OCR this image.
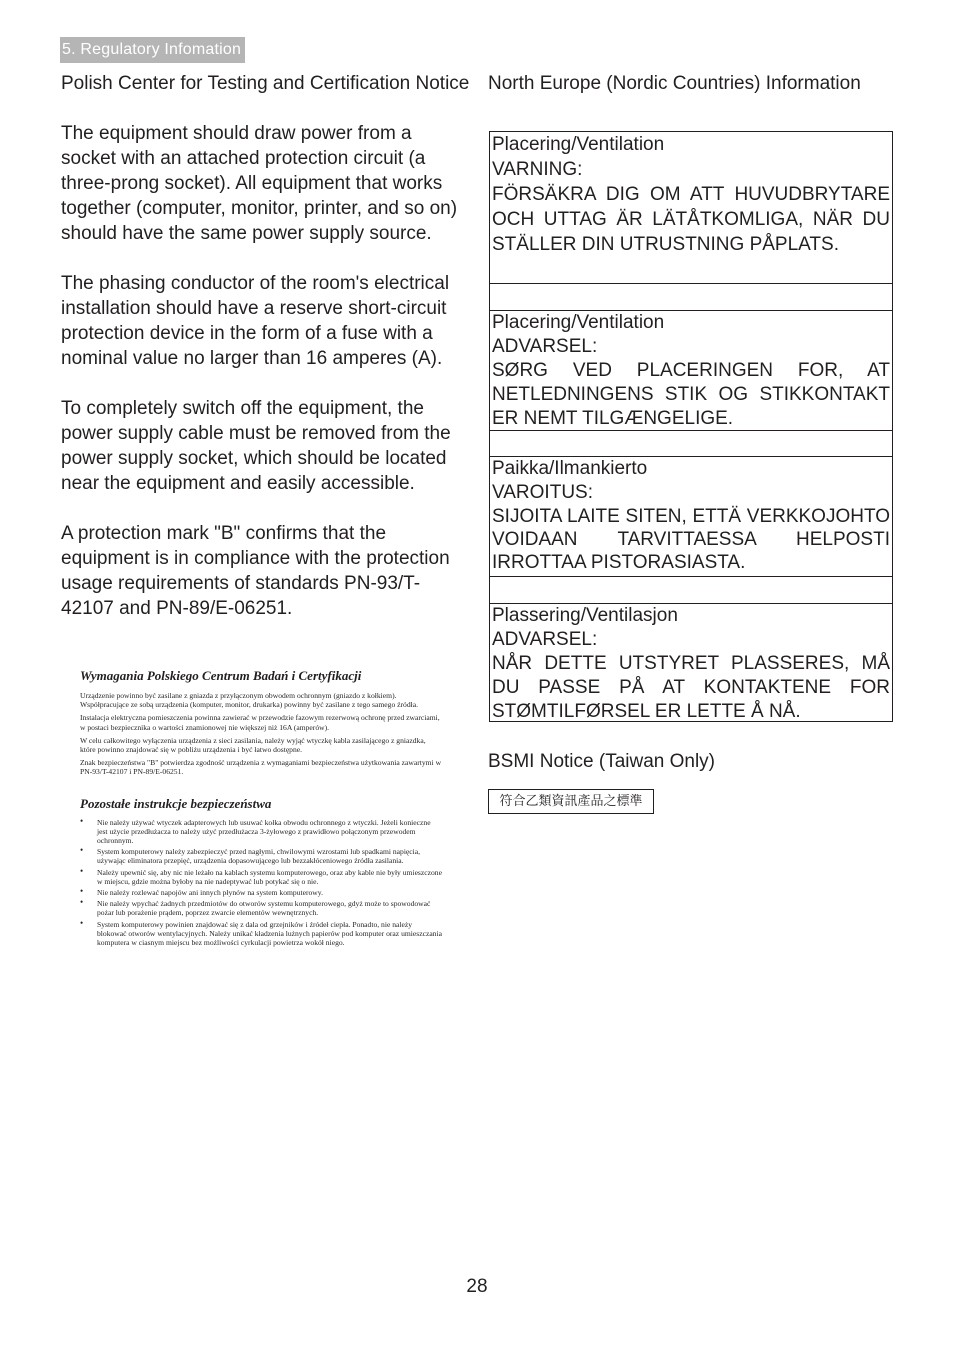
5. Regulatory Infomation
Polish Center for Testing and Certification Notice

The equipment should draw power from a socket with an attached protection circuit (a three-prong socket). All equipment that works together (computer, monitor, printer, and so on) should have the same power supply source.

The phasing conductor of the room's electrical installation should have a reserve short-circuit protection device in the form of a fuse with a nominal value no larger than 16 amperes (A).

To completely switch off the equipment, the power supply cable must be removed from the power supply socket, which should be located near the equipment and easily accessible.

A protection mark "B" confirms that the equipment is in compliance with the protection usage requirements of standards PN-93/T-42107 and PN-89/E-06251.

Wymagania Polskiego Centrum Badań i Certyfikacji

Urządzenie powinno być zasilane z gniazda z przyłączonym obwodem ochronnym (gniazdo z kołkiem). Współpracujące ze sobą urządzenia (komputer, monitor, drukarka) powinny być zasilane z tego samego źródła.

Instalacja elektryczna pomieszczenia powinna zawierać w przewodzie fazowym rezerwową ochronę przed zwarciami, w postaci bezpiecznika o wartości znamionowej nie większej niż 16A (amperów).

W celu całkowitego wyłączenia urządzenia z sieci zasilania, należy wyjąć wtyczkę kabla zasilającego z gniazdka, które powinno znajdować się w pobliżu urządzenia i być łatwo dostępne.

Znak bezpieczeństwa "B" potwierdza zgodność urządzenia z wymaganiami bezpieczeństwa użytkowania zawartymi w PN-93/T-42107 i PN-89/E-06251.

Pozostałe instrukcje bezpieczeństwa
• Nie należy używać wtyczek adapterowych lub usuwać kołka obwodu ochronnego z wtyczki. Jeżeli konieczne jest użycie przedłużacza to należy użyć przedłużacza 3-żyłowego z prawidłowo połączonym przewodem ochronnym.
• System komputerowy należy zabezpieczyć przed nagłymi, chwilowymi wzrostami lub spadkami napięcia, używając eliminatora przepięć, urządzenia dopasowującego lub bezzakłóceniowego źródła zasilania.
• Należy upewnić się, aby nic nie leżało na kablach systemu komputerowego, oraz aby kable nie były umieszczone w miejscu, gdzie można byłoby na nie nadeptywać lub potykać się o nie.
• Nie należy rozlewać napojów ani innych płynów na system komputerowy.
• Nie należy wpychać żadnych przedmiotów do otworów systemu komputerowego, gdyż może to spowodować pożar lub porażenie prądem, poprzez zwarcie elementów wewnętrznych.
• System komputerowy powinien znajdować się z dala od grzejników i źródeł ciepła. Ponadto, nie należy blokować otworów wentylacyjnych. Należy unikać kładzenia lużnych papierów pod komputer oraz umieszczania komputera w ciasnym miejscu bez możliwości cyrkulacji powietrza wokół niego.
North Europe (Nordic Countries) Information
Placering/Ventilation
VARNING:
FÖRSÄKRA DIG OM ATT HUVUDBRYTARE OCH UTTAG ÄR LÄTÅTKOMLIGA, NÄR DU STÄLLER DIN UTRUSTNING PÅPLATS.
Placering/Ventilation
ADVARSEL:
SØRG VED PLACERINGEN FOR, AT NETLEDNINGENS STIK OG STIKKONTAKT ER NEMT TILGÆNGELIGE.
Paikka/Ilmankierto
VAROITUS:
SIJOITA LAITE SITEN, ETTÄ VERKKOJOHTO VOIDAAN TARVITTAESSA HELPOSTI IRROTTAA PISTORASIASTA.
Plassering/Ventilasjon
ADVARSEL:
NÅR DETTE UTSTYRET PLASSERES, MÅ DU PASSE PÅ AT KONTAKTENE FOR STØMTILFØRSEL ER LETTE Å NÅ.
BSMI Notice (Taiwan Only)
符合乙類資訊產品之標準
28
